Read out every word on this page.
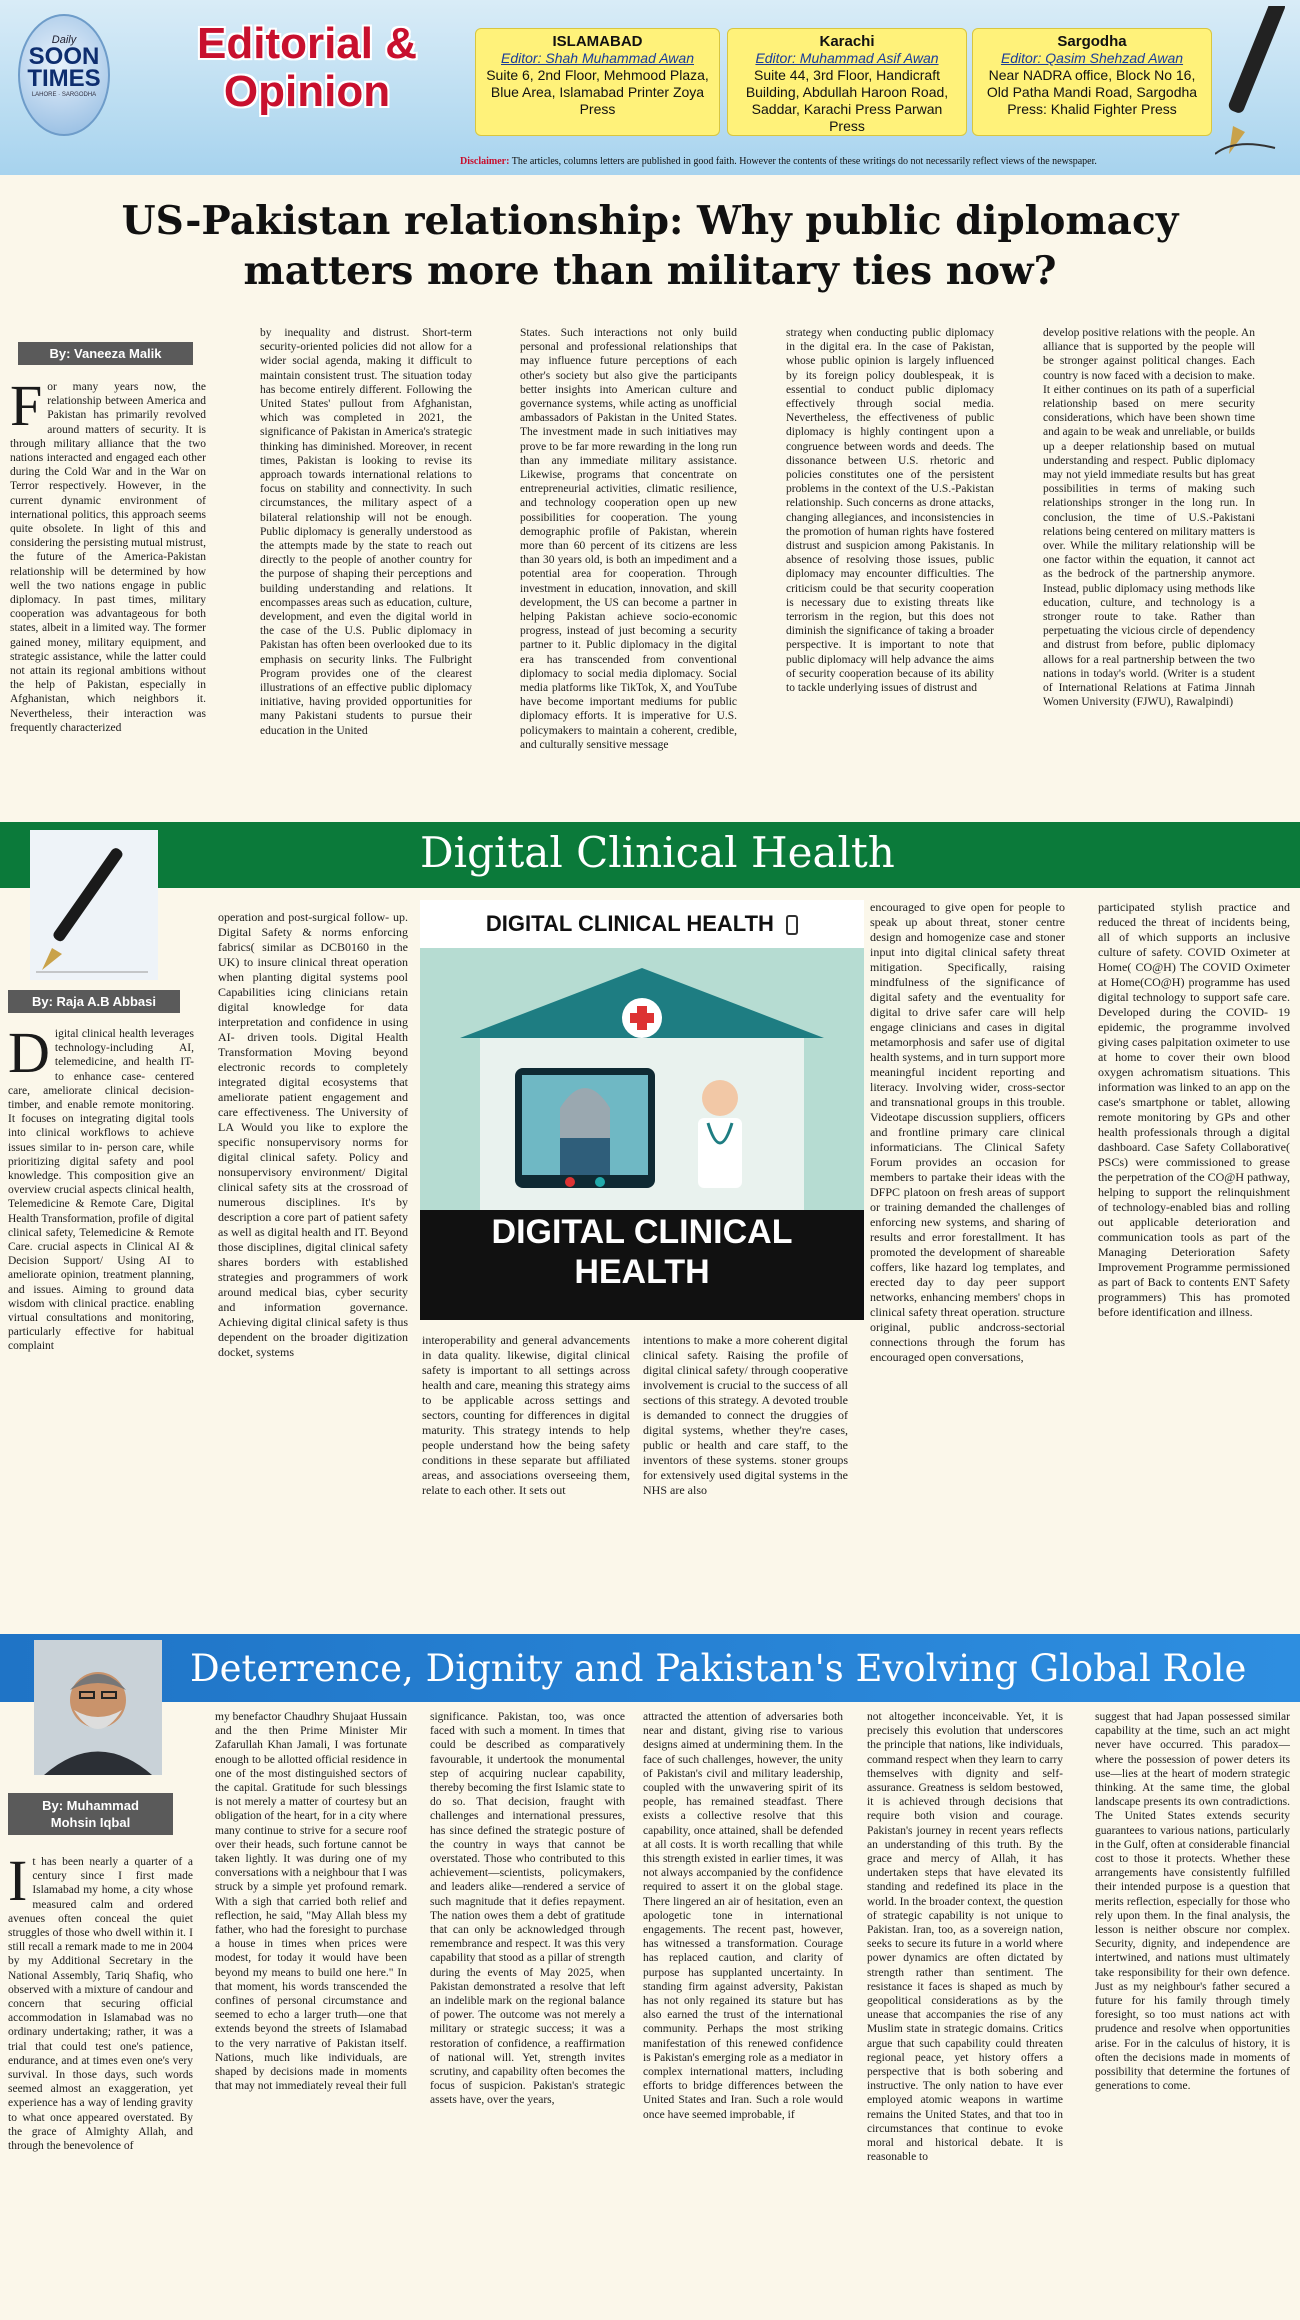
Daily
SOON
TIMES
LAHORE · SARGODHA
Editorial &
Opinion
ISLAMABAD
Editor: Shah Muhammad Awan
Suite 6, 2nd Floor, Mehmood Plaza, Blue Area, Islamabad Printer Zoya Press
Karachi
Editor: Muhammad Asif Awan
Suite 44, 3rd Floor, Handicraft Building, Abdullah Haroon Road, Saddar, Karachi Press Parwan Press
Sargodha
Editor: Qasim Shehzad Awan
Near NADRA office, Block No 16, Old Patha Mandi Road, Sargodha Press: Khalid Fighter Press
Disclaimer: The articles, columns letters are published in good faith. However the contents of these writings do not necessarily reflect views of the newspaper.
US-Pakistan relationship: Why public diplomacy
matters more than military ties now?
By: Vaneeza Malik
For many years now, the relationship between America and Pakistan has primarily revolved around matters of security. It is through military alliance that the two nations interacted and engaged each other during the Cold War and in the War on Terror respectively. However, in the current dynamic environment of international politics, this approach seems quite obsolete. In light of this and considering the persisting mutual mistrust, the future of the America-Pakistan relationship will be determined by how well the two nations engage in public diplomacy. In past times, military cooperation was advantageous for both states, albeit in a limited way. The former gained money, military equipment, and strategic assistance, while the latter could not attain its regional ambitions without the help of Pakistan, especially in Afghanistan, which neighbors it. Nevertheless, their interaction was frequently characterized
by inequality and distrust. Short-term security-oriented policies did not allow for a wider social agenda, making it difficult to maintain consistent trust. The situation today has become entirely different. Following the United States' pullout from Afghanistan, which was completed in 2021, the significance of Pakistan in America's strategic thinking has diminished. Moreover, in recent times, Pakistan is looking to revise its approach towards international relations to focus on stability and connectivity. In such circumstances, the military aspect of a bilateral relationship will not be enough. Public diplomacy is generally understood as the attempts made by the state to reach out directly to the people of another country for the purpose of shaping their perceptions and building understanding and relations. It encompasses areas such as education, culture, development, and even the digital world in the case of the U.S. Public diplomacy in Pakistan has often been overlooked due to its emphasis on security links. The Fulbright Program provides one of the clearest illustrations of an effective public diplomacy initiative, having provided opportunities for many Pakistani students to pursue their education in the United
States. Such interactions not only build personal and professional relationships that may influence future perceptions of each other's society but also give the participants better insights into American culture and governance systems, while acting as unofficial ambassadors of Pakistan in the United States. The investment made in such initiatives may prove to be far more rewarding in the long run than any immediate military assistance. Likewise, programs that concentrate on entrepreneurial activities, climatic resilience, and technology cooperation open up new possibilities for cooperation. The young demographic profile of Pakistan, wherein more than 60 percent of its citizens are less than 30 years old, is both an impediment and a potential area for cooperation. Through investment in education, innovation, and skill development, the US can become a partner in helping Pakistan achieve socio-economic progress, instead of just becoming a security partner to it. Public diplomacy in the digital era has transcended from conventional diplomacy to social media diplomacy. Social media platforms like TikTok, X, and YouTube have become important mediums for public diplomacy efforts. It is imperative for U.S. policymakers to maintain a coherent, credible, and culturally sensitive message
strategy when conducting public diplomacy in the digital era. In the case of Pakistan, whose public opinion is largely influenced by its foreign policy doublespeak, it is essential to conduct public diplomacy effectively through social media. Nevertheless, the effectiveness of public diplomacy is highly contingent upon a congruence between words and deeds. The dissonance between U.S. rhetoric and policies constitutes one of the persistent problems in the context of the U.S.-Pakistan relationship. Such concerns as drone attacks, changing allegiances, and inconsistencies in the promotion of human rights have fostered distrust and suspicion among Pakistanis. In absence of resolving those issues, public diplomacy may encounter difficulties. The criticism could be that security cooperation is necessary due to existing threats like terrorism in the region, but this does not diminish the significance of taking a broader perspective. It is important to note that public diplomacy will help advance the aims of security cooperation because of its ability to tackle underlying issues of distrust and
develop positive relations with the people. An alliance that is supported by the people will be stronger against political changes. Each country is now faced with a decision to make. It either continues on its path of a superficial relationship based on mere security considerations, which have been shown time and again to be weak and unreliable, or builds up a deeper relationship based on mutual understanding and respect. Public diplomacy may not yield immediate results but has great possibilities in terms of making such relationships stronger in the long run. In conclusion, the time of U.S.-Pakistani relations being centered on military matters is over. While the military relationship will be one factor within the equation, it cannot act as the bedrock of the partnership anymore. Instead, public diplomacy using methods like education, culture, and technology is a stronger route to take. Rather than perpetuating the vicious circle of dependency and distrust from before, public diplomacy allows for a real partnership between the two nations in today's world. (Writer is a student of International Relations at Fatima Jinnah Women University (FJWU), Rawalpindi)
Digital Clinical Health
By: Raja A.B Abbasi
Digital clinical health leverages technology-including AI, telemedicine, and health IT- to enhance case- centered care, ameliorate clinical decision-timber, and enable remote monitoring. It focuses on integrating digital tools into clinical workflows to achieve issues similar to in- person care, while prioritizing digital safety and pool knowledge. This composition give an overview crucial aspects clinical health, Telemedicine & Remote Care, Digital Health Transformation, profile of digital clinical safety, Telemedicine & Remote Care. crucial aspects in Clinical AI & Decision Support/ Using AI to ameliorate opinion, treatment planning, and issues. Aiming to ground data wisdom with clinical practice. enabling virtual consultations and monitoring, particularly effective for habitual complaint
operation and post-surgical follow- up. Digital Safety & norms enforcing fabrics( similar as DCB0160 in the UK) to insure clinical threat operation when planting digital systems pool Capabilities icing clinicians retain digital knowledge for data interpretation and confidence in using AI- driven tools. Digital Health Transformation Moving beyond electronic records to completely integrated digital ecosystems that ameliorate patient engagement and care effectiveness. The University of LA Would you like to explore the specific nonsupervisory norms for digital clinical safety. Policy and nonsupervisory environment/ Digital clinical safety sits at the crossroad of numerous disciplines. It's by description a core part of patient safety as well as digital health and IT. Beyond those disciplines, digital clinical safety shares borders with established strategies and programmers of work around medical bias, cyber security and information governance. Achieving digital clinical safety is thus dependent on the broader digitization docket, systems
DIGITAL CLINICAL HEALTH
DIGITAL CLINICAL
HEALTH
interoperability and general advancements in data quality. likewise, digital clinical safety is important to all settings across health and care, meaning this strategy aims to be applicable across settings and sectors, counting for differences in digital maturity. This strategy intends to help people understand how the being safety conditions in these separate but affiliated areas, and associations overseeing them, relate to each other. It sets out
intentions to make a more coherent digital clinical safety. Raising the profile of digital clinical safety/ through cooperative involvement is crucial to the success of all sections of this strategy. A devoted trouble is demanded to connect the druggies of digital systems, whether they're cases, public or health and care staff, to the inventors of these systems. stoner groups for extensively used digital systems in the NHS are also
encouraged to give open for people to speak up about threat, stoner centre design and homogenize case and stoner input into digital clinical safety threat mitigation. Specifically, raising mindfulness of the significance of digital safety and the eventuality for digital to drive safer care will help engage clinicians and cases in digital metamorphosis and safer use of digital health systems, and in turn support more meaningful incident reporting and literacy. Involving wider, cross-sector and transnational groups in this trouble. Videotape discussion suppliers, officers and frontline primary care clinical informaticians. The Clinical Safety Forum provides an occasion for members to partake their ideas with the DFPC platoon on fresh areas of support or training demanded the challenges of enforcing new systems, and sharing of results and error forestallment. It has promoted the development of shareable coffers, like hazard log templates, and erected day to day peer support networks, enhancing members' chops in clinical safety threat operation. structure original, public andcross-sectorial connections through the forum has encouraged open conversations,
participated stylish practice and reduced the threat of incidents being, all of which supports an inclusive culture of safety. COVID Oximeter at Home( CO@H) The COVID Oximeter at Home(CO@H) programme has used digital technology to support safe care. Developed during the COVID- 19 epidemic, the programme involved giving cases palpitation oximeter to use at home to cover their own blood oxygen achromatism situations. This information was linked to an app on the case's smartphone or tablet, allowing remote monitoring by GPs and other health professionals through a digital dashboard. Case Safety Collaborative( PSCs) were commissioned to grease the perpetration of the CO@H pathway, helping to support the relinquishment of technology-enabled bias and rolling out applicable deterioration and communication tools as part of the Managing Deterioration Safety Improvement Programme permissioned as part of Back to contents ENT Safety programmers) This has promoted before identification and illness.
Deterrence, Dignity and Pakistan's Evolving Global Role
By: Muhammad
Mohsin Iqbal
It has been nearly a quarter of a century since I first made Islamabad my home, a city whose measured calm and ordered avenues often conceal the quiet struggles of those who dwell within it. I still recall a remark made to me in 2004 by my Additional Secretary in the National Assembly, Tariq Shafiq, who observed with a mixture of candour and concern that securing official accommodation in Islamabad was no ordinary undertaking; rather, it was a trial that could test one's patience, endurance, and at times even one's very survival. In those days, such words seemed almost an exaggeration, yet experience has a way of lending gravity to what once appeared overstated. By the grace of Almighty Allah, and through the benevolence of
my benefactor Chaudhry Shujaat Hussain and the then Prime Minister Mir Zafarullah Khan Jamali, I was fortunate enough to be allotted official residence in one of the most distinguished sectors of the capital. Gratitude for such blessings is not merely a matter of courtesy but an obligation of the heart, for in a city where many continue to strive for a secure roof over their heads, such fortune cannot be taken lightly. It was during one of my conversations with a neighbour that I was struck by a simple yet profound remark. With a sigh that carried both relief and reflection, he said, "May Allah bless my father, who had the foresight to purchase a house in times when prices were modest, for today it would have been beyond my means to build one here." In that moment, his words transcended the confines of personal circumstance and seemed to echo a larger truth—one that extends beyond the streets of Islamabad to the very narrative of Pakistan itself. Nations, much like individuals, are shaped by decisions made in moments that may not immediately reveal their full
significance. Pakistan, too, was once faced with such a moment. In times that could be described as comparatively favourable, it undertook the monumental step of acquiring nuclear capability, thereby becoming the first Islamic state to do so. That decision, fraught with challenges and international pressures, has since defined the strategic posture of the country in ways that cannot be overstated. Those who contributed to this achievement—scientists, policymakers, and leaders alike—rendered a service of such magnitude that it defies repayment. The nation owes them a debt of gratitude that can only be acknowledged through remembrance and respect. It was this very capability that stood as a pillar of strength during the events of May 2025, when Pakistan demonstrated a resolve that left an indelible mark on the regional balance of power. The outcome was not merely a military or strategic success; it was a restoration of confidence, a reaffirmation of national will. Yet, strength invites scrutiny, and capability often becomes the focus of suspicion. Pakistan's strategic assets have, over the years,
attracted the attention of adversaries both near and distant, giving rise to various designs aimed at undermining them. In the face of such challenges, however, the unity of Pakistan's civil and military leadership, coupled with the unwavering spirit of its people, has remained steadfast. There exists a collective resolve that this capability, once attained, shall be defended at all costs. It is worth recalling that while this strength existed in earlier times, it was not always accompanied by the confidence required to assert it on the global stage. There lingered an air of hesitation, even an apologetic tone in international engagements. The recent past, however, has witnessed a transformation. Courage has replaced caution, and clarity of purpose has supplanted uncertainty. In standing firm against adversity, Pakistan has not only regained its stature but has also earned the trust of the international community. Perhaps the most striking manifestation of this renewed confidence is Pakistan's emerging role as a mediator in complex international matters, including efforts to bridge differences between the United States and Iran. Such a role would once have seemed improbable, if
not altogether inconceivable. Yet, it is precisely this evolution that underscores the principle that nations, like individuals, command respect when they learn to carry themselves with dignity and self-assurance. Greatness is seldom bestowed, it is achieved through decisions that require both vision and courage. Pakistan's journey in recent years reflects an understanding of this truth. By the grace and mercy of Allah, it has undertaken steps that have elevated its standing and redefined its place in the world. In the broader context, the question of strategic capability is not unique to Pakistan. Iran, too, as a sovereign nation, seeks to secure its future in a world where power dynamics are often dictated by strength rather than sentiment. The resistance it faces is shaped as much by geopolitical considerations as by the unease that accompanies the rise of any Muslim state in strategic domains. Critics argue that such capability could threaten regional peace, yet history offers a perspective that is both sobering and instructive. The only nation to have ever employed atomic weapons in wartime remains the United States, and that too in circumstances that continue to evoke moral and historical debate. It is reasonable to
suggest that had Japan possessed similar capability at the time, such an act might never have occurred. This paradox—where the possession of power deters its use—lies at the heart of modern strategic thinking. At the same time, the global landscape presents its own contradictions. The United States extends security guarantees to various nations, particularly in the Gulf, often at considerable financial cost to those it protects. Whether these arrangements have consistently fulfilled their intended purpose is a question that merits reflection, especially for those who rely upon them. In the final analysis, the lesson is neither obscure nor complex. Security, dignity, and independence are intertwined, and nations must ultimately take responsibility for their own defence. Just as my neighbour's father secured a future for his family through timely foresight, so too must nations act with prudence and resolve when opportunities arise. For in the calculus of history, it is often the decisions made in moments of possibility that determine the fortunes of generations to come.
